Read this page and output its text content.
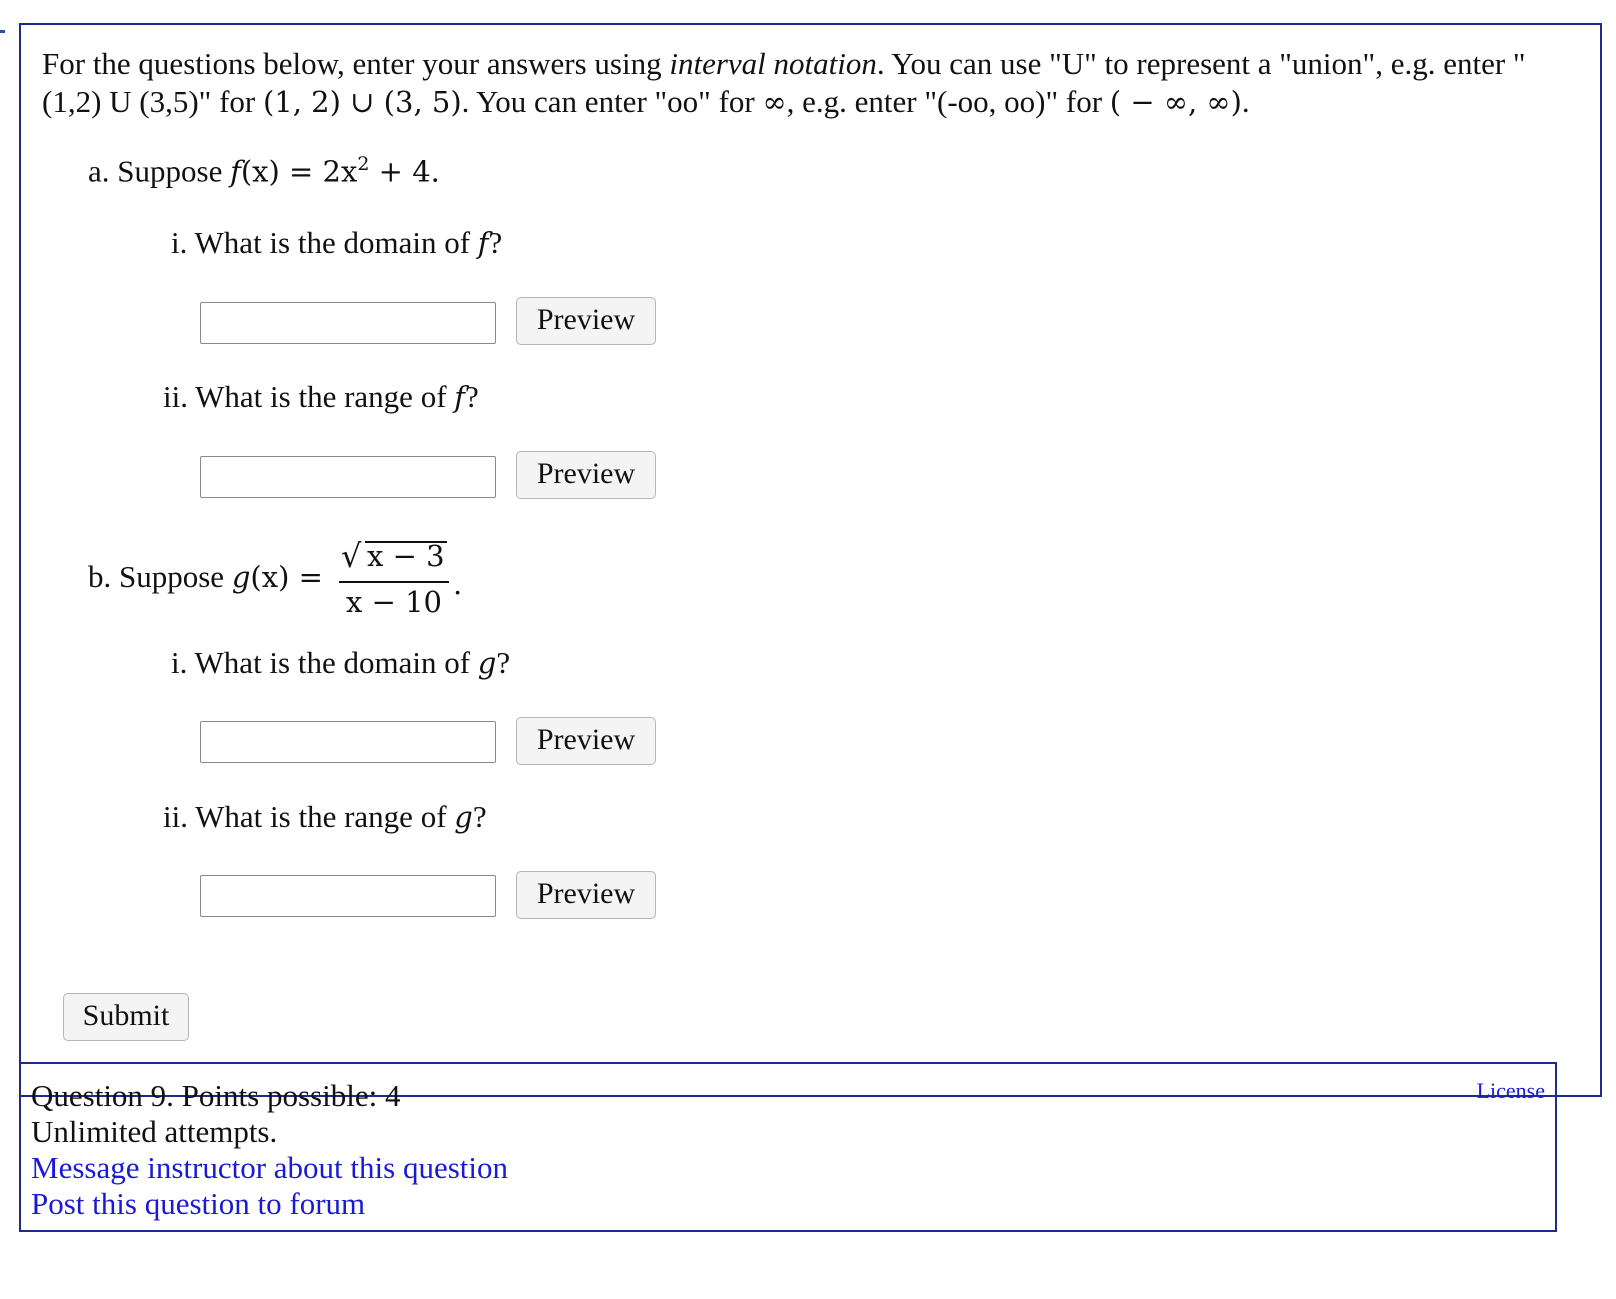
For the questions below, enter your answers using interval notation. You can use "U" to represent a "union", e.g. enter "(1,2) U (3,5)" for (1, 2) ∪ (3, 5). You can enter "oo" for ∞, e.g. enter "(-oo, oo)" for ( − ∞, ∞).
a. Suppose $f(x) = 2x^2 + 4$.
i. What is the domain of f?
Preview
ii. What is the range of f?
Preview
b. Suppose g(x) =
√ x − 3
x − 10
.
i. What is the domain of g?
Preview
ii. What is the range of g?
Preview
Submit
Question 9. Points possible: 4
Unlimited attempts.
Message instructor about this question
Post this question to forum
License
